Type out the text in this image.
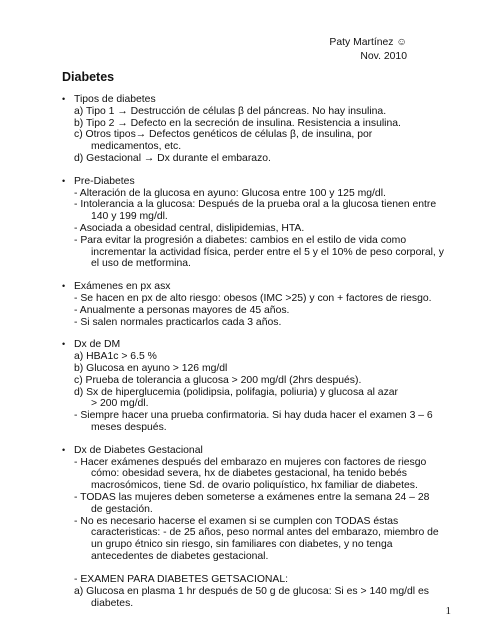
Paty Martínez ☺
Nov. 2010
Diabetes
• Tipos de diabetes
a) Tipo 1 → Destrucción de células β del páncreas. No hay insulina.
b) Tipo 2 → Defecto en la secreción de insulina. Resistencia a insulina.
c) Otros tipos→ Defectos genéticos de células β, de insulina, por
medicamentos, etc.
d) Gestacional → Dx durante el embarazo.
• Pre-Diabetes
- Alteración de la glucosa en ayuno: Glucosa entre 100 y 125 mg/dl.
- Intolerancia a la glucosa: Después de la prueba oral a la glucosa tienen entre
140 y 199 mg/dl.
- Asociada a obesidad central, dislipidemias, HTA.
- Para evitar la progresión a diabetes: cambios en el estilo de vida como
incrementar la actividad física, perder entre el 5 y el 10% de peso corporal, y
el uso de metformina.
• Exámenes en px asx
- Se hacen en px de alto riesgo: obesos (IMC >25) y con + factores de riesgo.
- Anualmente a personas mayores de 45 años.
- Si salen normales practicarlos cada 3 años.
• Dx de DM
a) HBA1c > 6.5 %
b) Glucosa en ayuno > 126 mg/dl
c) Prueba de tolerancia a glucosa > 200 mg/dl (2hrs después).
d) Sx de hiperglucemia (polidipsia, polifagia, poliuria) y glucosa al azar
> 200 mg/dl.
- Siempre hacer una prueba confirmatoria. Si hay duda hacer el examen 3 – 6
meses después.
• Dx de Diabetes Gestacional
- Hacer exámenes después del embarazo en mujeres con factores de riesgo
cómo: obesidad severa, hx de diabetes gestacional, ha tenido bebés
macrosómicos, tiene Sd. de ovario poliquístico, hx familiar de diabetes.
- TODAS las mujeres deben someterse a exámenes entre la semana 24 – 28
de gestación.
- No es necesario hacerse el examen si se cumplen con TODAS éstas
caracteristicas: - de 25 años, peso normal antes del embarazo, miembro de
un grupo étnico sin riesgo, sin familiares con diabetes, y no tenga
antecedentes de diabetes gestacional.
- EXAMEN PARA DIABETES GETSACIONAL:
a) Glucosa en plasma 1 hr después de 50 g de glucosa: Si es > 140 mg/dl es
diabetes.
1
